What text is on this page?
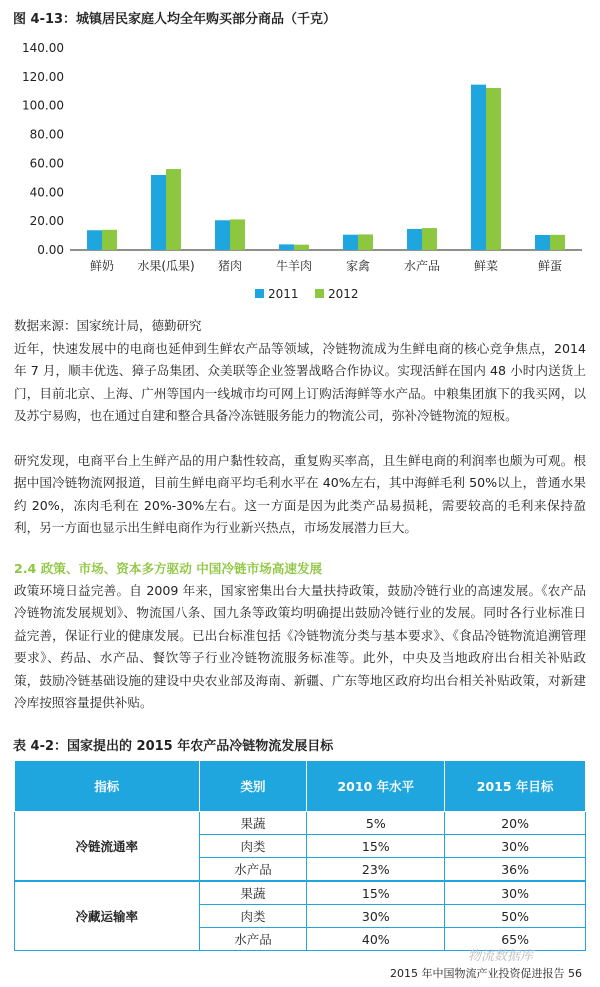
图 4-13：城镇居民家庭人均全年购买部分商品（千克）
0.00
20.00
40.00
60.00
80.00
100.00
120.00
140.00
鲜奶 水果(瓜果) 猪肉	牛羊肉	家禽	水产品	鲜菜	鲜蛋
2011 2012
数据来源：国家统计局，德勤研究
近年，快速发展中的电商也延伸到生鲜农产品等领域，冷链物流成为生鲜电商的核心竞争焦点，2014 年 7 月，顺丰优选、獐子岛集团、众美联等企业签署战略合作协议。实现活鲜在国内 48 小时内送货上门，目前北京、上海、广州等国内一线城市均可网上订购活海鲜等水产品。中粮集团旗下的我买网，以及苏宁易购，也在通过自建和整合具备冷冻链服务能力的物流公司，弥补冷链物流的短板。
研究发现，电商平台上生鲜产品的用户黏性较高，重复购买率高，且生鲜电商的利润率也颇为可观。根据中国冷链物流网报道，目前生鲜电商平均毛利水平在 40%左右，其中海鲜毛利 50%以上，普通水果约 20%，冻肉毛利在 20%-30%左右。这一方面是因为此类产品易损耗，需要较高的毛利来保持盈利，另一方面也显示出生鲜电商作为行业新兴热点，市场发展潜力巨大。
2.4 政策、市场、资本多方驱动 中国冷链市场高速发展
政策环境日益完善。自 2009 年来，国家密集出台大量扶持政策，鼓励冷链行业的高速发展。《农产品冷链物流发展规划》、物流国八条、国九条等政策均明确提出鼓励冷链行业的发展。同时各行业标准日益完善，保证行业的健康发展。已出台标准包括《冷链物流分类与基本要求》、《食品冷链物流追溯管理要求》、药品、水产品、餐饮等子行业冷链物流服务标准等。此外，中央及当地政府出台相关补贴政策，鼓励冷链基础设施的建设中央农业部及海南、新疆、广东等地区政府均出台相关补贴政策，对新建冷库按照容量提供补贴。
表 4-2：国家提出的 2015 年农产品冷链物流发展目标
指标	类别	2010 年水平	2015 年目标
冷链流通率	果蔬	5%	20%
	肉类	15%	30%
	水产品	23%	36%
冷藏运输率	果蔬	15%	30%
	肉类	30%	50%
	水产品	40%	65%
物流数据库
2015 年中国物流产业投资促进报告 56
